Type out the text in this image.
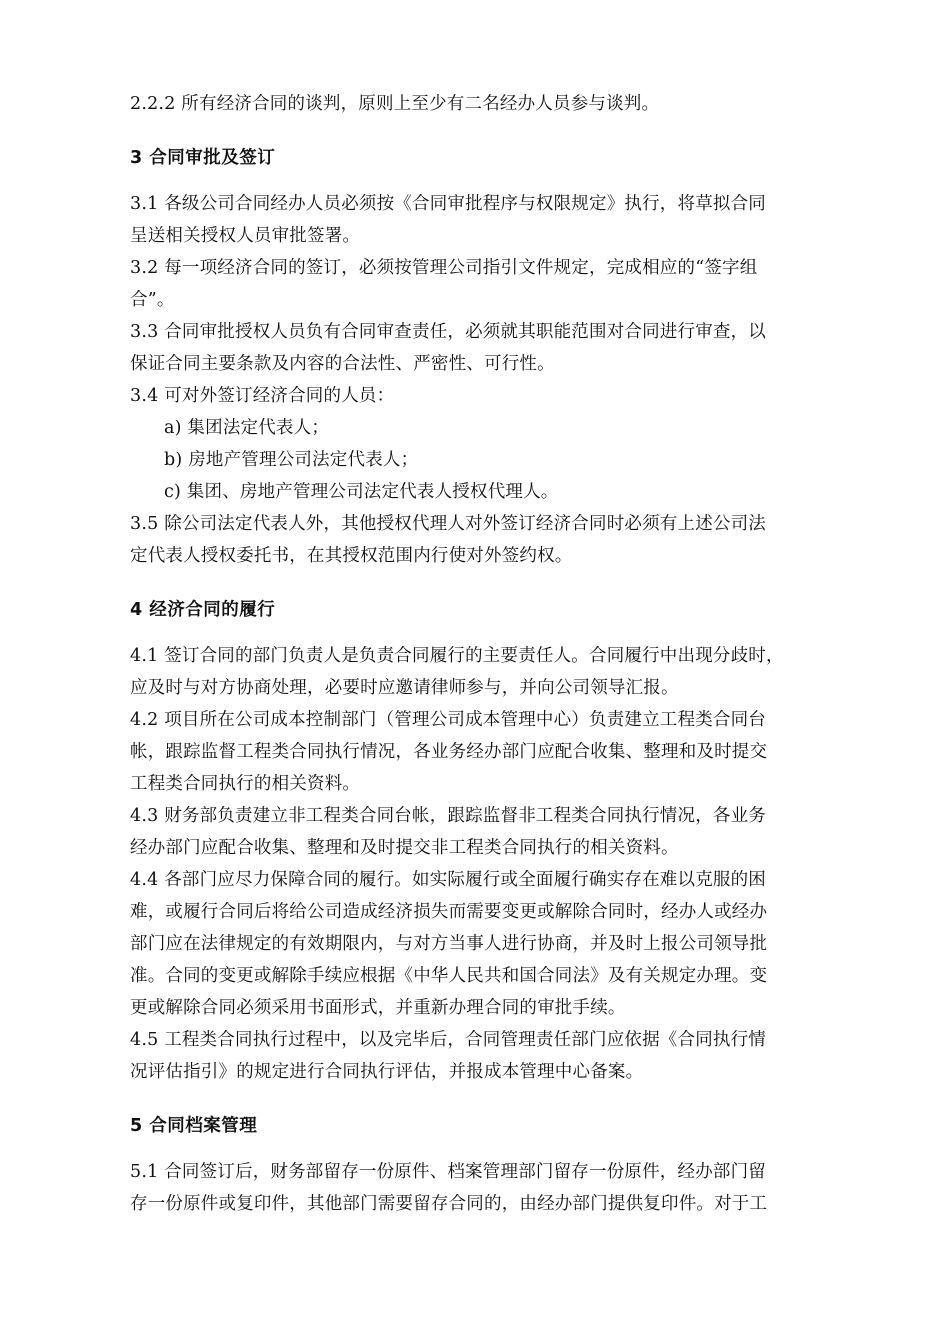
2.2.2 所有经济合同的谈判，原则上至少有二名经办人员参与谈判。
3 合同审批及签订
3.1 各级公司合同经办人员必须按《合同审批程序与权限规定》执行，将草拟合同
呈送相关授权人员审批签署。
3.2 每一项经济合同的签订，必须按管理公司指引文件规定，完成相应的“签字组
合”。
3.3 合同审批授权人员负有合同审查责任，必须就其职能范围对合同进行审查，以
保证合同主要条款及内容的合法性、严密性、可行性。
3.4 可对外签订经济合同的人员：
a) 集团法定代表人；
b) 房地产管理公司法定代表人；
c) 集团、房地产管理公司法定代表人授权代理人。
3.5 除公司法定代表人外，其他授权代理人对外签订经济合同时必须有上述公司法
定代表人授权委托书，在其授权范围内行使对外签约权。
4 经济合同的履行
4.1 签订合同的部门负责人是负责合同履行的主要责任人。合同履行中出现分歧时，
应及时与对方协商处理，必要时应邀请律师参与，并向公司领导汇报。
4.2 项目所在公司成本控制部门（管理公司成本管理中心）负责建立工程类合同台
帐，跟踪监督工程类合同执行情况，各业务经办部门应配合收集、整理和及时提交
工程类合同执行的相关资料。
4.3 财务部负责建立非工程类合同台帐，跟踪监督非工程类合同执行情况，各业务
经办部门应配合收集、整理和及时提交非工程类合同执行的相关资料。
4.4 各部门应尽力保障合同的履行。如实际履行或全面履行确实存在难以克服的困
难，或履行合同后将给公司造成经济损失而需要变更或解除合同时，经办人或经办
部门应在法律规定的有效期限内，与对方当事人进行协商，并及时上报公司领导批
准。合同的变更或解除手续应根据《中华人民共和国合同法》及有关规定办理。变
更或解除合同必须采用书面形式，并重新办理合同的审批手续。
4.5 工程类合同执行过程中，以及完毕后，合同管理责任部门应依据《合同执行情
况评估指引》的规定进行合同执行评估，并报成本管理中心备案。
5 合同档案管理
5.1 合同签订后，财务部留存一份原件、档案管理部门留存一份原件，经办部门留
存一份原件或复印件，其他部门需要留存合同的，由经办部门提供复印件。对于工
